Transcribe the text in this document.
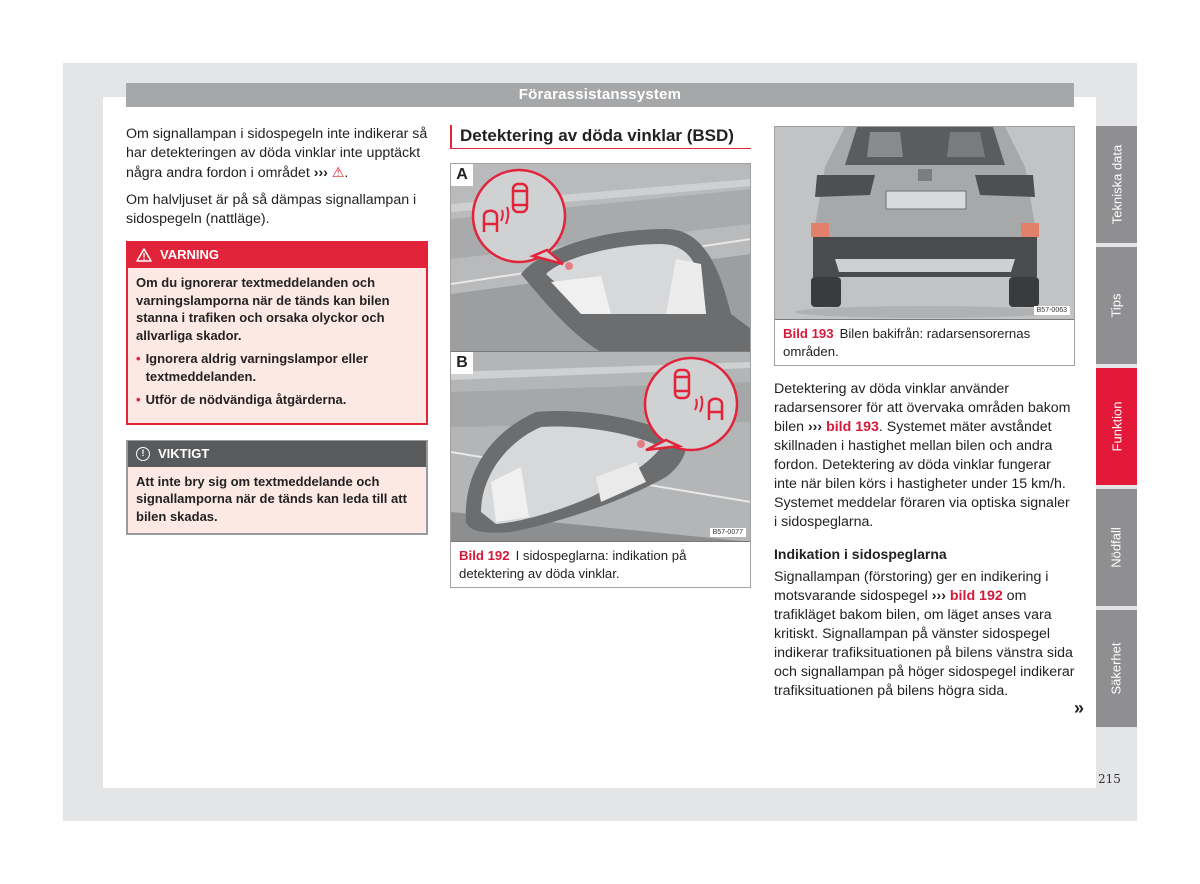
Förarassistanssystem

Om signallampan i sidospegeln inte indikerar så har detekteringen av döda vinklar inte upptäckt några andra fordon i området ››› ⚠.

Om halvljuset är på så dämpas signallampan i sidospegeln (nattläge).

VARNING
Om du ignorerar textmeddelanden och varningslamporna när de tänds kan bilen stanna i trafiken och orsaka olyckor och allvarliga skador.
• Ignorera aldrig varningslampor eller textmeddelanden.
• Utför de nödvändiga åtgärderna.
!	VIKTIGT
Att inte bry sig om textmeddelande och signallamporna när de tänds kan leda till att bilen skadas.
Detektering av döda vinklar (BSD)
A
B
B57-0077
Bild 192 I sidospeglarna: indikation på detektering av döda vinklar.
B57-0063
Bild 193 Bilen bakifrån: radarsensorernas områden.

Detektering av döda vinklar använder radarsensorer för att övervaka områden bakom bilen ››› bild 193. Systemet mäter avståndet skillnaden i hastighet mellan bilen och andra fordon. Detektering av döda vinklar fungerar inte när bilen körs i hastigheter under 15 km/h. Systemet meddelar föraren via optiska signaler i sidospeglarna.

Indikation i sidospeglarna

Signallampan (förstoring) ger en indikering i motsvarande sidospegel ››› bild 192 om trafikläget bakom bilen, om läget anses vara kritiskt. Signallampan på vänster sidospegel indikerar trafiksituationen på bilens vänstra sida och signallampan på höger sidospegel indikerar trafiksituationen på bilens högra sida.

»
Tekniska data
Tips
Funktion
Nödfall
Säkerhet
215
